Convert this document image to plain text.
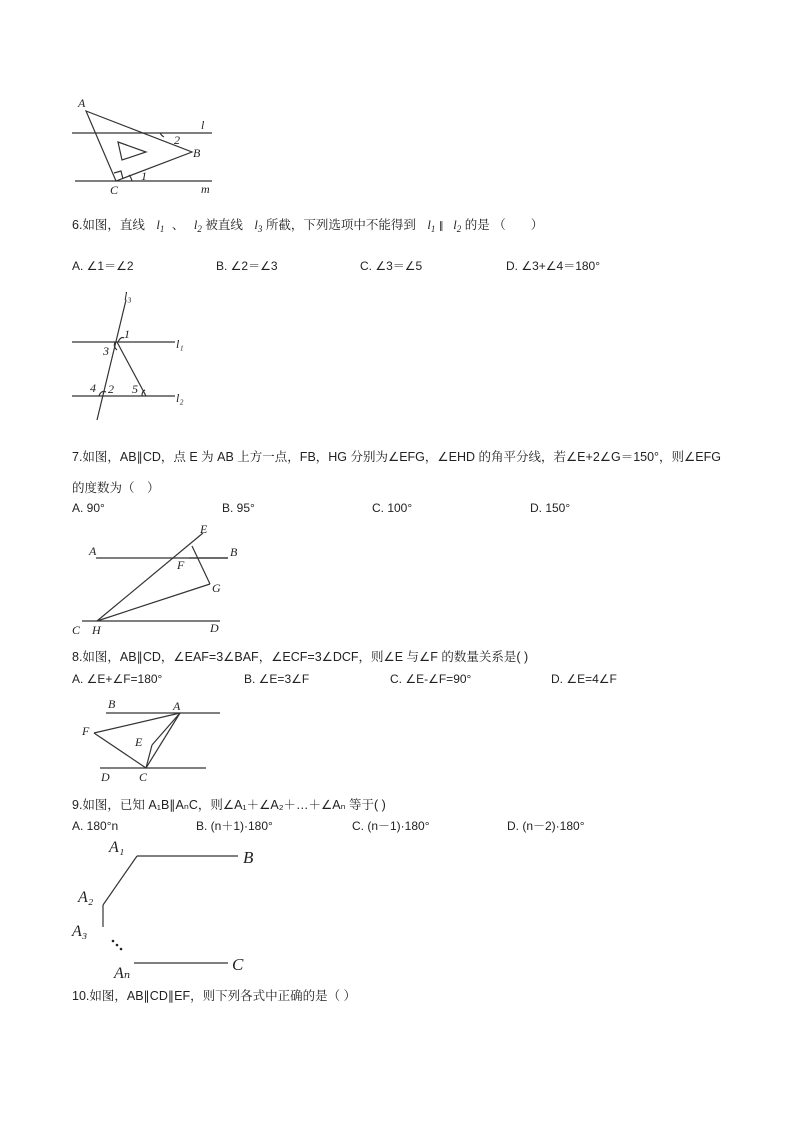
A
B
C
l
m
2
1
6.如图，直线 $l_1$ 、 $l_2$ 被直线 $l_3$ 所截，下列选项中不能得到 $l_1$ ∥ $l_2$ 的是 （　　）
A. ∠1＝∠2	B. ∠2＝∠3	C. ∠3＝∠5	D. ∠3+∠4＝180°
l₃
l₁
l₂
1
3
4 2 5
7.如图，AB∥CD，点 E 为 AB 上方一点，FB，HG 分别为∠EFG，∠EHD 的角平分线，若∠E+2∠G＝150°，则∠EFG
的度数为（　）
A. 90°	B. 95°	C. 100°	D. 150°
E
A	B
F
G
C H	D
8.如图，AB∥CD，∠EAF=3∠BAF，∠ECF=3∠DCF，则∠E 与∠F 的数量关系是( )
A. ∠E+∠F=180°	B. ∠E=3∠F	C. ∠E-∠F=90°	D. ∠E=4∠F
B	A
F
E
D C
9.如图，已知 A₁B∥AₙC，则∠A₁＋∠A₂＋…＋∠Aₙ 等于( )
A. 180°n	B. (n＋1)·180°	C. (n－1)·180°	D. (n－2)·180°
A₁
B
A₂
A₃
Aₙ	C
10.如图，AB∥CD∥EF，则下列各式中正确的是（ ）
